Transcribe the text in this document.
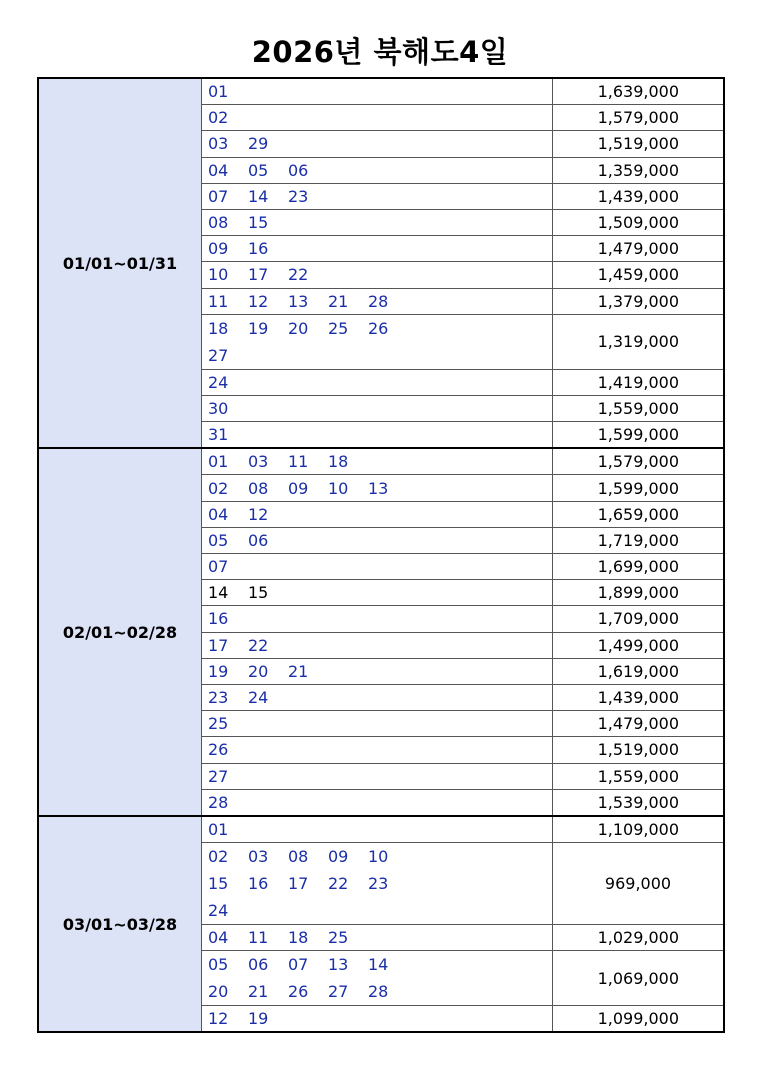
2026년 북해도4일
01/01~01/31	01	1,639,000

	02	1,579,000

	03 29	1,519,000

	04 05 06	1,359,000

	07 14 23	1,439,000

	08 15	1,509,000

	09 16	1,479,000

	10 17 22	1,459,000

	11 12 13 21 28	1,379,000

	18 19 20 25 26
27	1,319,000

	24	1,419,000

	30	1,559,000

	31	1,599,000
02/01~02/28	01 03 11 18	1,579,000

	02 08 09 10 13	1,599,000

	04 12	1,659,000

	05 06	1,719,000

	07	1,699,000

	14 15	1,899,000

	16	1,709,000

	17 22	1,499,000

	19 20 21	1,619,000

	23 24	1,439,000

	25	1,479,000

	26	1,519,000

	27	1,559,000

	28	1,539,000
03/01~03/28	01	1,109,000

	02 03 08 09 10
15 16 17 22 23
24	969,000

	04 11 18 25	1,029,000

	05 06 07 13 14
20 21 26 27 28	1,069,000

	12 19	1,099,000
